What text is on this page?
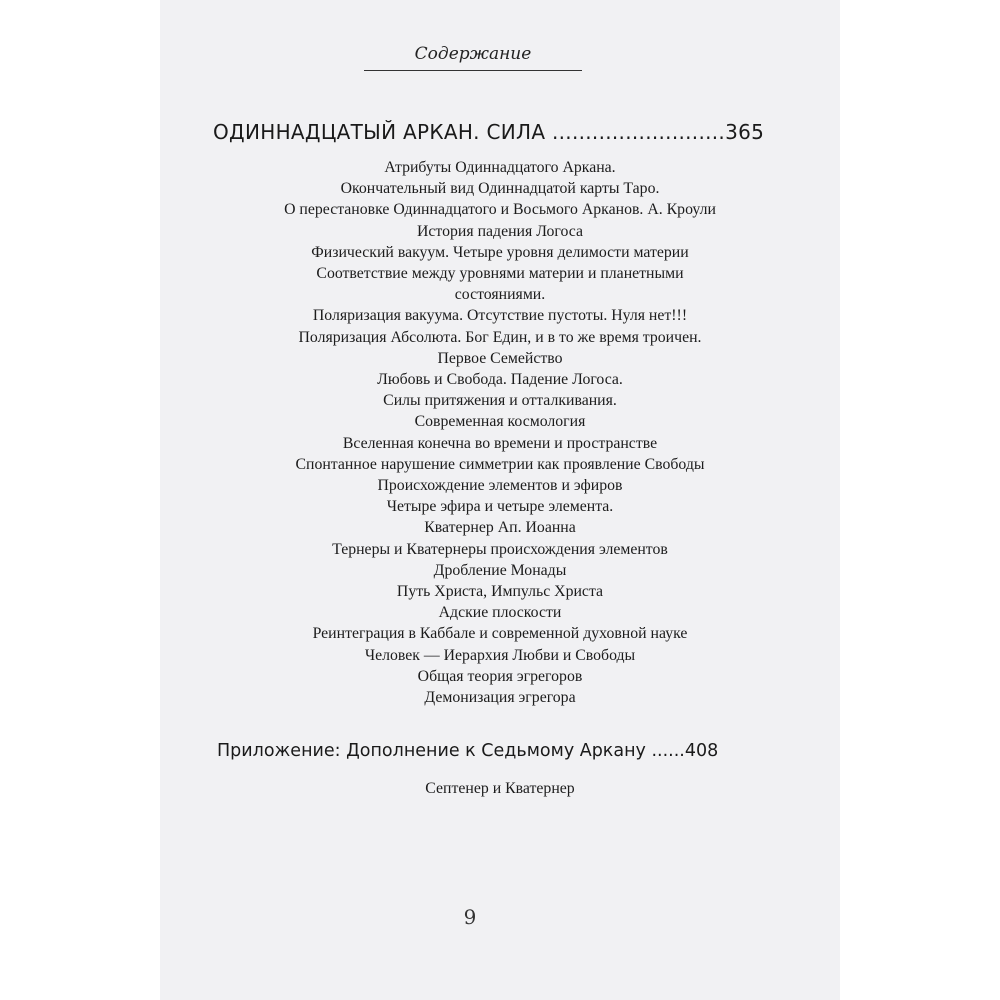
Содержание
ОДИННАДЦАТЫЙ АРКАН. СИЛА ..........................365
Атрибуты Одиннадцатого Аркана.
Окончательный вид Одиннадцатой карты Таро.
О перестановке Одиннадцатого и Восьмого Арканов. А. Кроули
История падения Логоса
Физический вакуум. Четыре уровня делимости материи
Соответствие между уровнями материи и планетными состояниями.
Поляризация вакуума. Отсутствие пустоты. Нуля нет!!!
Поляризация Абсолюта. Бог Един, и в то же время троичен. Первое Семейство
Любовь и Свобода. Падение Логоса.
Силы притяжения и отталкивания.
Современная космология
Вселенная конечна во времени и пространстве
Спонтанное нарушение симметрии как проявление Свободы
Происхождение элементов и эфиров
Четыре эфира и четыре элемента.
Кватернер Ап. Иоанна
Тернеры и Кватернеры происхождения элементов
Дробление Монады
Путь Христа, Импульс Христа
Адские плоскости
Реинтеграция в Каббале и современной духовной науке
Человек — Иерархия Любви и Свободы
Общая теория эгрегоров
Демонизация эгрегора
Приложение: Дополнение к Седьмому Аркану ......408
Септенер и Кватернер
9
